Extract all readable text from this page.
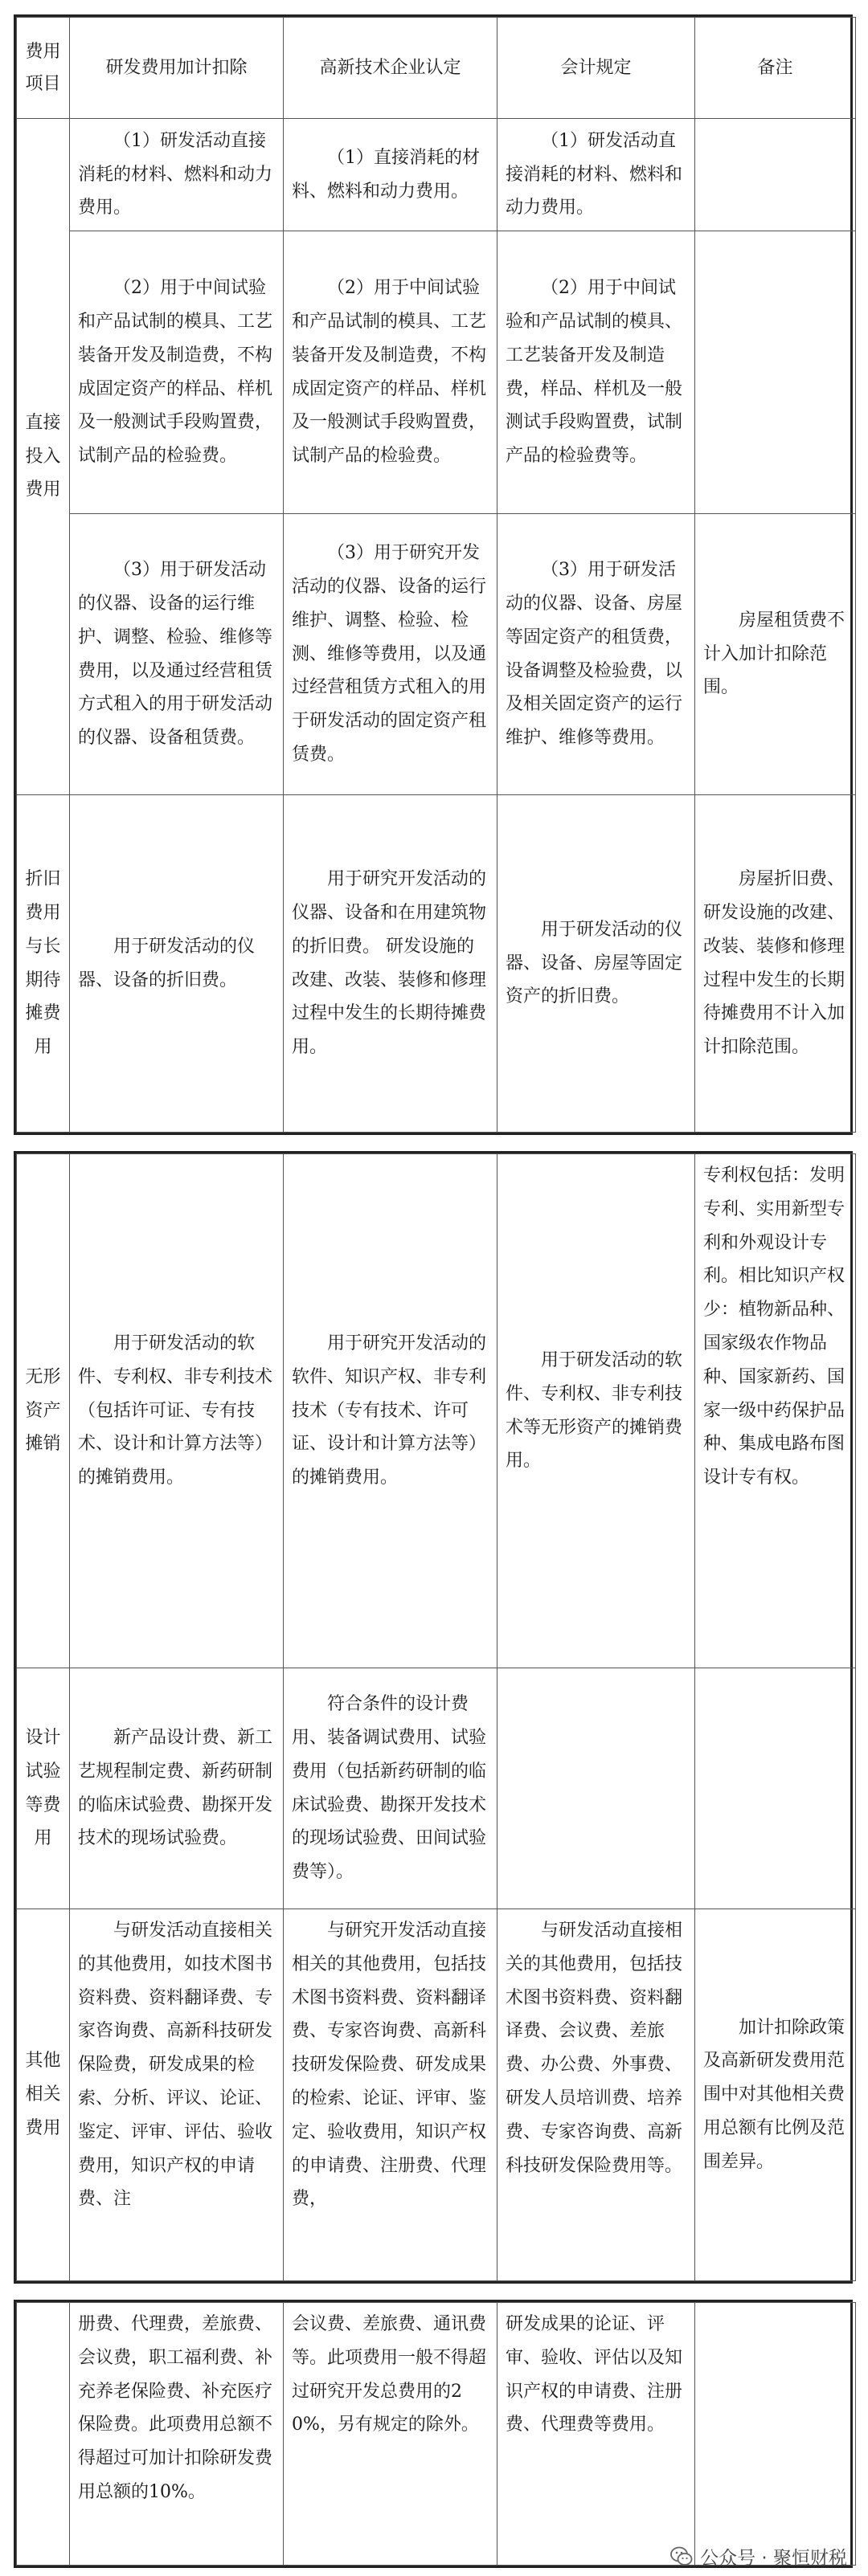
费用项目	研发费用加计扣除	高新技术企业认定	会计规定	备注
直接投入费用	（1）研发活动直接消耗的材料、燃料和动力费用。	（1）直接消耗的材料、燃料和动力费用。	（1）研发活动直接消耗的材料、燃料和动力费用。	
	（2）用于中间试验和产品试制的模具、工艺装备开发及制造费，不构成固定资产的样品、样机及一般测试手段购置费，试制产品的检验费。	（2）用于中间试验和产品试制的模具、工艺装备开发及制造费，不构成固定资产的样品、样机及一般测试手段购置费，试制产品的检验费。	（2）用于中间试验和产品试制的模具、工艺装备开发及制造费，样品、样机及一般测试手段购置费，试制产品的检验费等。	
	（3）用于研发活动的仪器、设备的运行维护、调整、检验、维修等费用，以及通过经营租赁方式租入的用于研发活动的仪器、设备租赁费。	（3）用于研究开发活动的仪器、设备的运行维护、调整、检验、检测、维修等费用，以及通过经营租赁方式租入的用于研发活动的固定资产租赁费。	（3）用于研发活动的仪器、设备、房屋等固定资产的租赁费，设备调整及检验费，以及相关固定资产的运行维护、维修等费用。	房屋租赁费不计入加计扣除范围。
折旧费用与长期待摊费用	用于研发活动的仪器、设备的折旧费。	用于研究开发活动的仪器、设备和在用建筑物的折旧费。 研发设施的改建、改装、装修和修理过程中发生的长期待摊费用。	用于研发活动的仪器、设备、房屋等固定资产的折旧费。	房屋折旧费、研发设施的改建、改装、装修和修理过程中发生的长期待摊费用不计入加计扣除范围。
无形资产摊销	用于研发活动的软件、专利权、非专利技术（包括许可证、专有技术、设计和计算方法等）的摊销费用。	用于研究开发活动的软件、知识产权、非专利技术（专有技术、许可证、设计和计算方法等）的摊销费用。	用于研发活动的软件、专利权、非专利技术等无形资产的摊销费用。	专利权包括：发明专利、实用新型专利和外观设计专利。相比知识产权少：植物新品种、国家级农作物品种、国家新药、国家一级中药保护品种、集成电路布图设计专有权。
设计试验等费用	新产品设计费、新工艺规程制定费、新药研制的临床试验费、勘探开发技术的现场试验费。	符合条件的设计费用、装备调试费用、试验费用（包括新药研制的临床试验费、勘探开发技术的现场试验费、田间试验费等）。		
其他相关费用	与研发活动直接相关的其他费用，如技术图书资料费、资料翻译费、专家咨询费、高新科技研发保险费，研发成果的检索、分析、评议、论证、鉴定、评审、评估、验收费用，知识产权的申请费、注	与研究开发活动直接相关的其他费用，包括技术图书资料费、资料翻译费、专家咨询费、高新科技研发保险费、研发成果的检索、论证、评审、鉴定、验收费用，知识产权的申请费、注册费、代理费，	与研发活动直接相关的其他费用，包括技术图书资料费、资料翻译费、会议费、差旅费、办公费、外事费、研发人员培训费、培养费、专家咨询费、高新科技研发保险费用等。	加计扣除政策及高新研发费用范围中对其他相关费用总额有比例及范围差异。
	册费、代理费，差旅费、会议费，职工福利费、补充养老保险费、补充医疗保险费。此项费用总额不得超过可加计扣除研发费用总额的10%。	会议费、差旅费、通讯费等。此项费用一般不得超过研究开发总费用的20%，另有规定的除外。	研发成果的论证、评审、验收、评估以及知识产权的申请费、注册费、代理费等费用。	
公众号 · 聚恒财税
